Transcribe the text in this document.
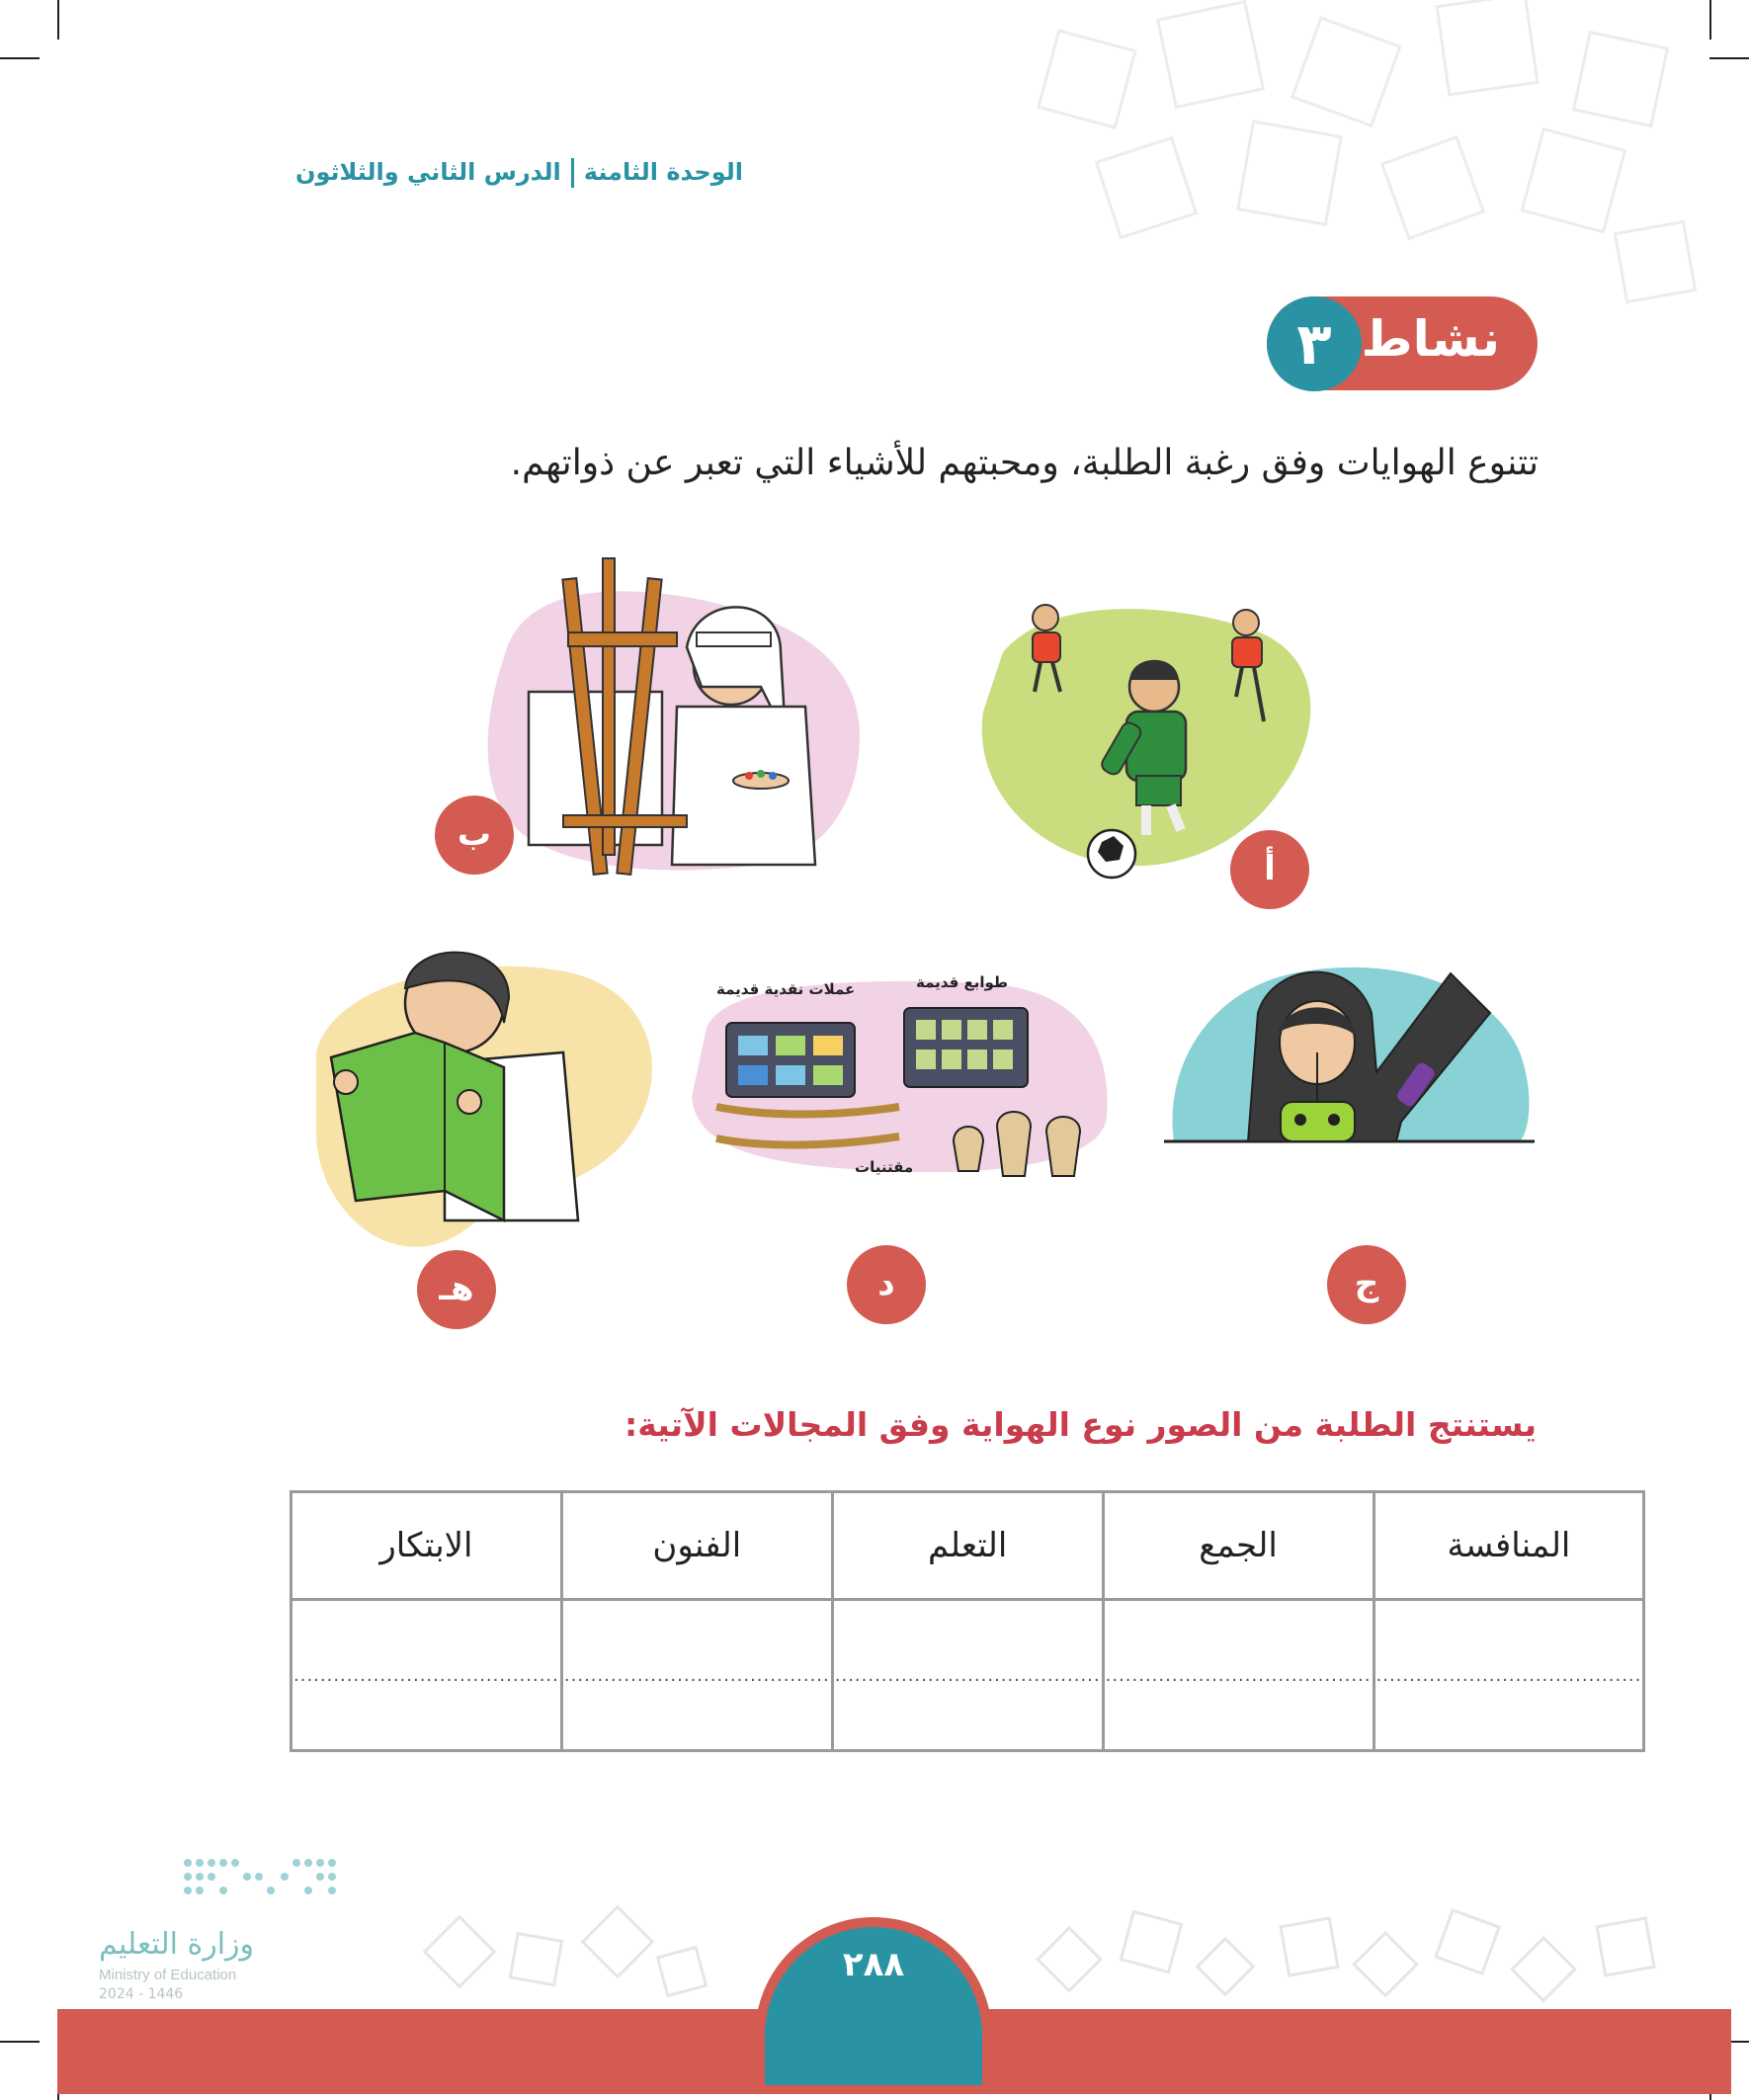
الوحدة الثامنةالدرس الثاني والثلاثون
نشاط
٣
تتنوع الهوايات وفق رغبة الطلبة، ومحبتهم للأشياء التي تعبر عن ذواتهم.
أ
ب
ج
عملات نقدية قديمة	طوابع قديمة
مقتنيات
د
هـ
يستنتج الطلبة من الصور نوع الهواية وفق المجالات الآتية:
المنافسة	الجمع	التعلم	الفنون	الابتكار
........................................	........................................	........................................	........................................	........................................
وزارة التعليم
Ministry of Education
2024 - 1446
٢٨٨
